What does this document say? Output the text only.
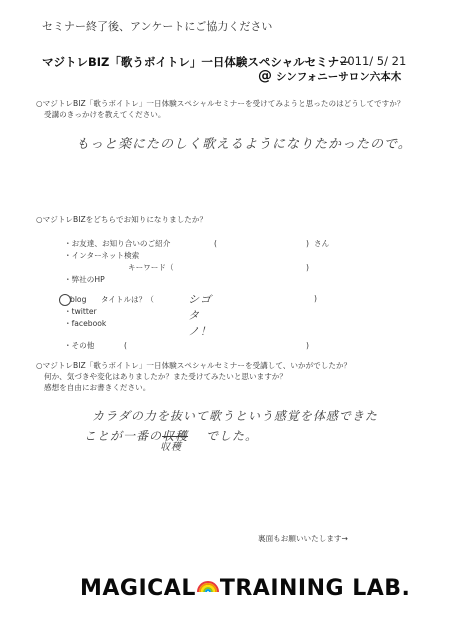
セミナー終了後、アンケートにご協力ください
マジトレBIZ「歌うボイトレ」一日体験スペシャルセミナー
2011/ 5/ 21
@ シンフォニーサロン六本木
○マジトレBIZ「歌うボイトレ」一日体験スペシャルセミナーを受けてみようと思ったのはどうしてですか？
受講のきっかけを教えてください。
もっと楽にたのしく歌えるようになりたかったので。
○マジトレBIZをどちらでお知りになりましたか？
・お友達、お知り合いのご紹介	(	) さん
・インターネット検索
キーワード（	)
・弊社のHP
blog タイトルは？（	シゴタノ！
)
・twitter
・facebook
・その他	(	)
○マジトレBIZ「歌うボイトレ」一日体験スペシャルセミナーを受講して、いかがでしたか？
何か、気づきや変化はありましたか？また受けてみたいと思いますか？
感想を自由にお書きください。
カラダの力を抜いて歌うという感覚を体感できた
ことが一番の収穫 でした。
収穫
裏面もお願いいたします→
MAGICAL TRAINING LAB.
